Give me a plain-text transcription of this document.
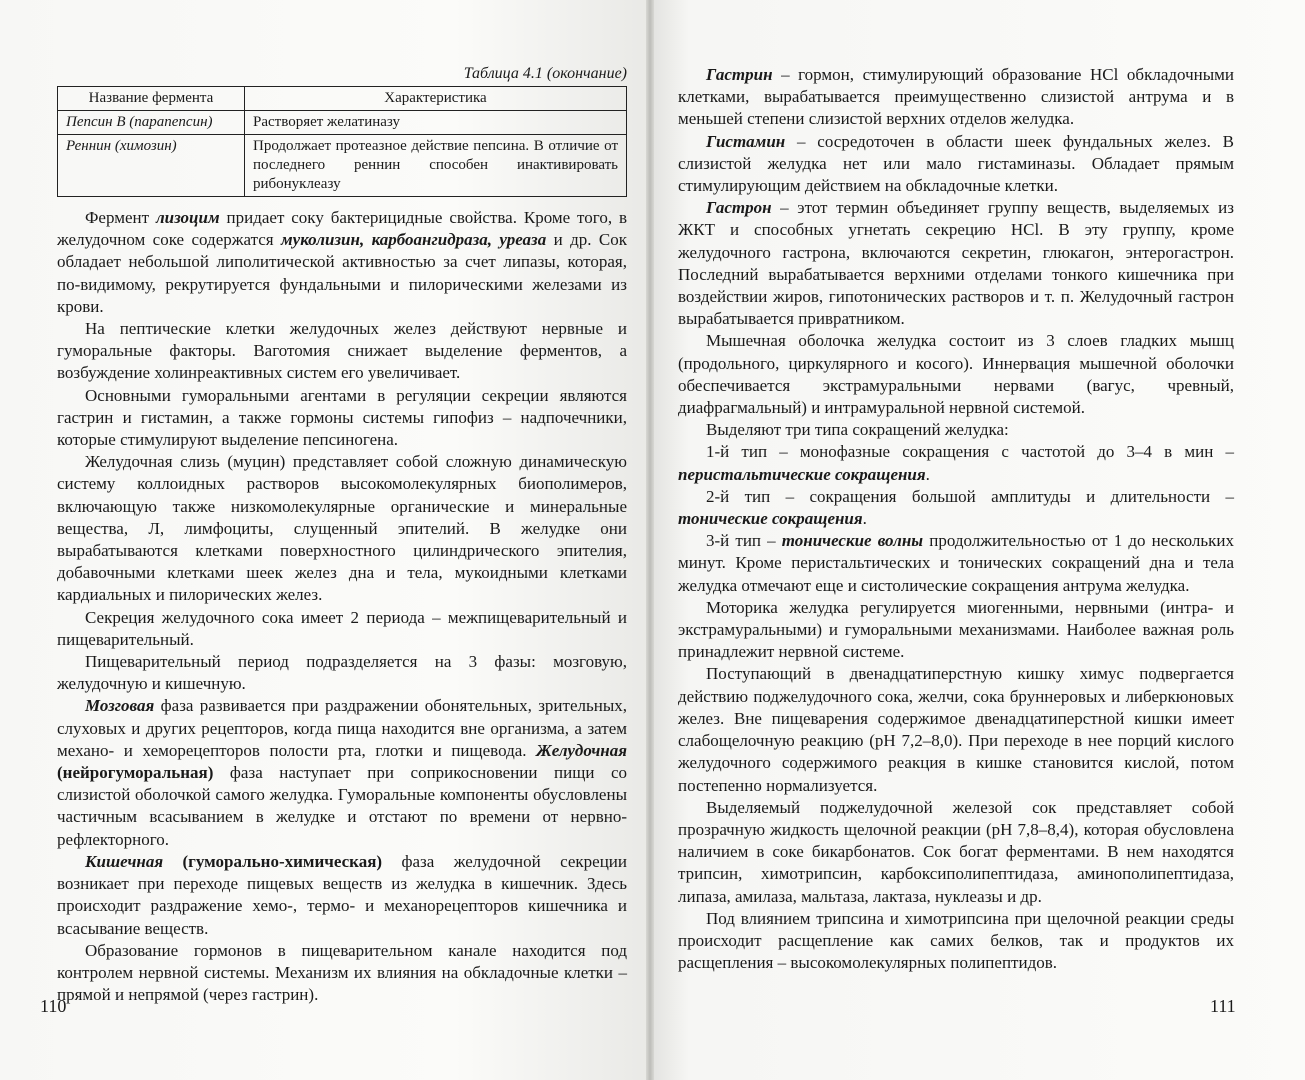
Таблица 4.1 (окончание)
Название фермента	Характеристика
Пепсин В (парапепсин)	Растворяет желатиназу
Реннин (химозин)	Продолжает протеазное действие пепсина. В отличие от последнего реннин способен инактивировать рибонуклеазу

Фермент лизоцим придает соку бактерицидные свойства. Кроме того, в желудочном соке содержатся муколизин, карбоангидраза, уреаза и др. Сок обладает небольшой липолитической активностью за счет липазы, которая, по-видимому, рекрутируется фундальными и пилорическими железами из крови.

На пептические клетки желудочных желез действуют нервные и гуморальные факторы. Ваготомия снижает выделение ферментов, а возбуждение холинреактивных систем его увеличивает.

Основными гуморальными агентами в регуляции секреции являются гастрин и гистамин, а также гормоны системы гипофиз – надпочечники, которые стимулируют выделение пепсиногена.

Желудочная слизь (муцин) представляет собой сложную динамическую систему коллоидных растворов высокомолекулярных биополимеров, включающую также низкомолекулярные органические и минеральные вещества, Л, лимфоциты, слущенный эпителий. В желудке они вырабатываются клетками поверхностного цилиндрического эпителия, добавочными клетками шеек желез дна и тела, мукоидными клетками кардиальных и пилорических желез.

Секреция желудочного сока имеет 2 периода – межпищеварительный и пищеварительный.

Пищеварительный период подразделяется на 3 фазы: мозговую, желудочную и кишечную.

Мозговая фаза развивается при раздражении обонятельных, зрительных, слуховых и других рецепторов, когда пища находится вне организма, а затем механо- и хеморецепторов полости рта, глотки и пищевода. Желудочная (нейрогуморальная) фаза наступает при соприкосновении пищи со слизистой оболочкой самого желудка. Гуморальные компоненты обусловлены частичным всасыванием в желудке и отстают по времени от нервно-рефлекторного.

Кишечная (гуморально-химическая) фаза желудочной секреции возникает при переходе пищевых веществ из желудка в кишечник. Здесь происходит раздражение хемо-, термо- и механорецепторов кишечника и всасывание веществ.

Образование гормонов в пищеварительном канале находится под контролем нервной системы. Механизм их влияния на обкладочные клетки – прямой и непрямой (через гастрин).

110

Гастрин – гормон, стимулирующий образование HCl обкладочными клетками, вырабатывается преимущественно слизистой антрума и в меньшей степени слизистой верхних отделов желудка.

Гистамин – сосредоточен в области шеек фундальных желез. В слизистой желудка нет или мало гистаминазы. Обладает прямым стимулирующим действием на обкладочные клетки.

Гастрон – этот термин объединяет группу веществ, выделяемых из ЖКТ и способных угнетать секрецию HCl. В эту группу, кроме желудочного гастрона, включаются секретин, глюкагон, энтерогастрон. Последний вырабатывается верхними отделами тонкого кишечника при воздействии жиров, гипотонических растворов и т. п. Желудочный гастрон вырабатывается привратником.

Мышечная оболочка желудка состоит из 3 слоев гладких мышц (продольного, циркулярного и косого). Иннервация мышечной оболочки обеспечивается экстрамуральными нервами (вагус, чревный, диафрагмальный) и интрамуральной нервной системой.

Выделяют три типа сокращений желудка:

1-й тип – монофазные сокращения с частотой до 3–4 в мин – перистальтические сокращения.

2-й тип – сокращения большой амплитуды и длительности – тонические сокращения.

3-й тип – тонические волны продолжительностью от 1 до нескольких минут. Кроме перистальтических и тонических сокращений дна и тела желудка отмечают еще и систолические сокращения антрума желудка.

Моторика желудка регулируется миогенными, нервными (интра- и экстрамуральными) и гуморальными механизмами. Наиболее важная роль принадлежит нервной системе.

Поступающий в двенадцатиперстную кишку химус подвергается действию поджелудочного сока, желчи, сока бруннеровых и либеркюновых желез. Вне пищеварения содержимое двенадцатиперстной кишки имеет слабощелочную реакцию (pH 7,2–8,0). При переходе в нее порций кислого желудочного содержимого реакция в кишке становится кислой, потом постепенно нормализуется.

Выделяемый поджелудочной железой сок представляет собой прозрачную жидкость щелочной реакции (pH 7,8–8,4), которая обусловлена наличием в соке бикарбонатов. Сок богат ферментами. В нем находятся трипсин, химотрипсин, карбоксиполипептидаза, аминополипептидаза, липаза, амилаза, мальтаза, лактаза, нуклеазы и др.

Под влиянием трипсина и химотрипсина при щелочной реакции среды происходит расщепление как самих белков, так и продуктов их расщепления – высокомолекулярных полипептидов.

111
